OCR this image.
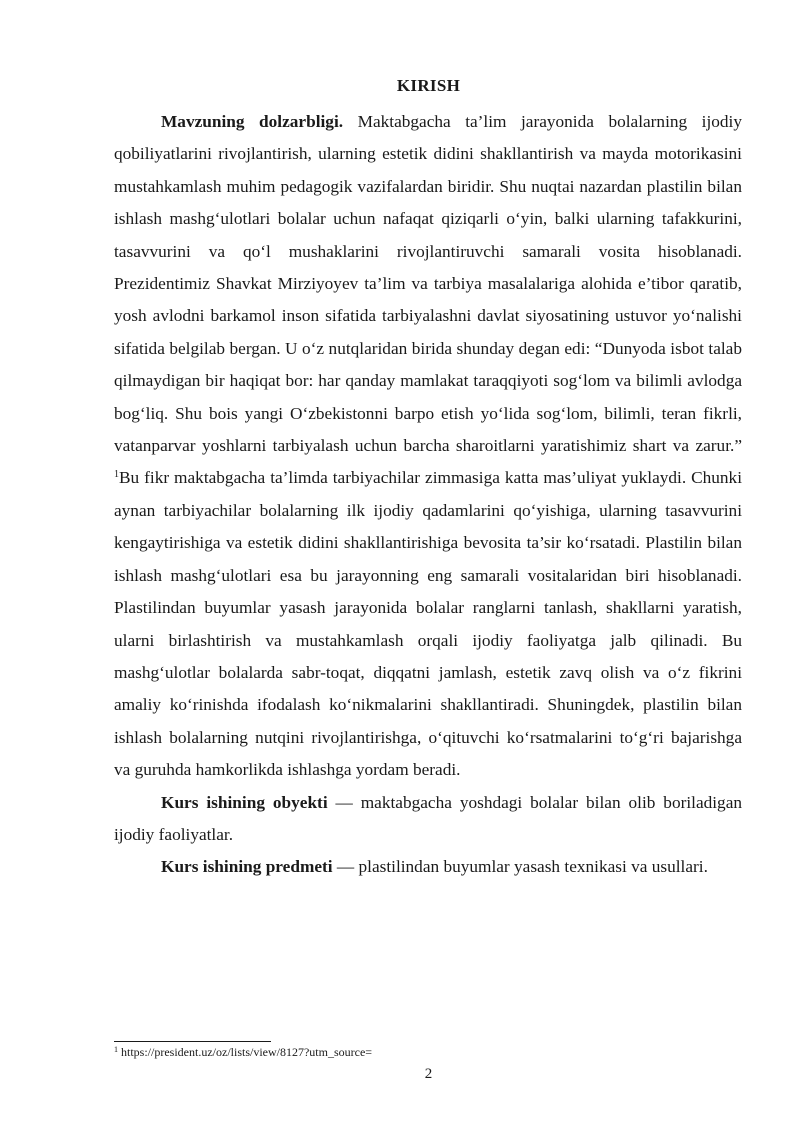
KIRISH

Mavzuning dolzarbligi. Maktabgacha ta’lim jarayonida bolalarning ijodiy qobiliyatlarini rivojlantirish, ularning estetik didini shakllantirish va mayda motorikasini mustahkamlash muhim pedagogik vazifalardan biridir. Shu nuqtai nazardan plastilin bilan ishlash mashg‘ulotlari bolalar uchun nafaqat qiziqarli o‘yin, balki ularning tafakkurini, tasavvurini va qo‘l mushaklarini rivojlantiruvchi samarali vosita hisoblanadi. Prezidentimiz Shavkat Mirziyoyev ta’lim va tarbiya masalalariga alohida e’tibor qaratib, yosh avlodni barkamol inson sifatida tarbiyalashni davlat siyosatining ustuvor yo‘nalishi sifatida belgilab bergan. U o‘z nutqlaridan birida shunday degan edi: “Dunyoda isbot talab qilmaydigan bir haqiqat bor: har qanday mamlakat taraqqiyoti sog‘lom va bilimli avlodga bog‘liq. Shu bois yangi O‘zbekistonni barpo etish yo‘lida sog‘lom, bilimli, teran fikrli, vatanparvar yoshlarni tarbiyalash uchun barcha sharoitlarni yaratishimiz shart va zarur.” $^1$Bu fikr maktabgacha ta’limda tarbiyachilar zimmasiga katta mas’uliyat yuklaydi. Chunki aynan tarbiyachilar bolalarning ilk ijodiy qadamlarini qo‘yishiga, ularning tasavvurini kengaytirishiga va estetik didini shakllantirishiga bevosita ta’sir ko‘rsatadi. Plastilin bilan ishlash mashg‘ulotlari esa bu jarayonning eng samarali vositalaridan biri hisoblanadi. Plastilindan buyumlar yasash jarayonida bolalar ranglarni tanlash, shakllarni yaratish, ularni birlashtirish va mustahkamlash orqali ijodiy faoliyatga jalb qilinadi. Bu mashg‘ulotlar bolalarda sabr-toqat, diqqatni jamlash, estetik zavq olish va o‘z fikrini amaliy ko‘rinishda ifodalash ko‘nikmalarini shakllantiradi. Shuningdek, plastilin bilan ishlash bolalarning nutqini rivojlantirishga, o‘qituvchi ko‘rsatmalarini to‘g‘ri bajarishga va guruhda hamkorlikda ishlashga yordam beradi.

Kurs ishining obyekti — maktabgacha yoshdagi bolalar bilan olib boriladigan ijodiy faoliyatlar.

Kurs ishining predmeti — plastilindan buyumlar yasash texnikasi va usullari.

$^1$ https://president.uz/oz/lists/view/8127?utm_source=
2
